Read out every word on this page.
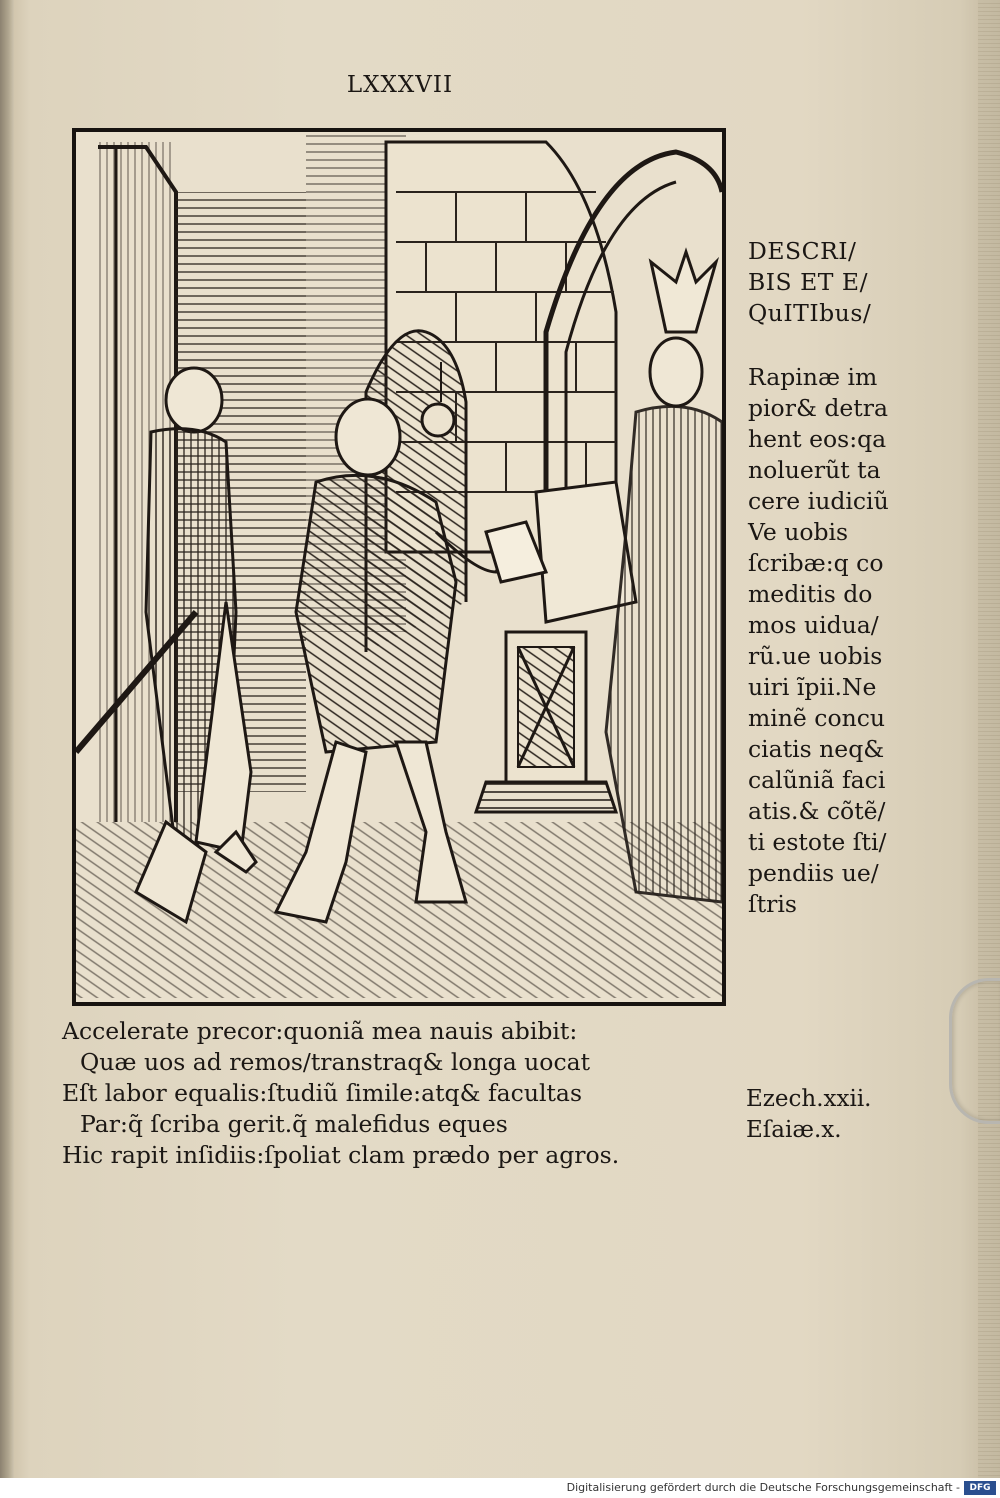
LXXXVII
DESCRI/
BIS ET E/
QuITIbus/
Rapinæ im
pior& detra
hent eos:qa
noluerũt ta
cere iudiciũ
Ve uobis
ſcribæ:q co
meditis do
mos uidua/
rũ.ue uobis
uiri ĩpii.Ne
minẽ concu
ciatis neq&
calũniã faci
atis.& cõtẽ/
ti estote ſti/
pendiis ue/
ſtris
Accelerate precor:quoniã mea nauis abibit:
Quæ uos ad remos/transtraq& longa uocat
Eſt labor equalis:ſtudiũ ſimile:atq& facultas
Par:q̃ ſcriba gerit.q̃ malefidus eques
Hic rapit inſidiis:ſpoliat clam prædo per agros.
Ezech.xxii.
Eſaiæ.x.
Digitalisierung gefördert durch die Deutsche Forschungsgemeinschaft -	DFG
